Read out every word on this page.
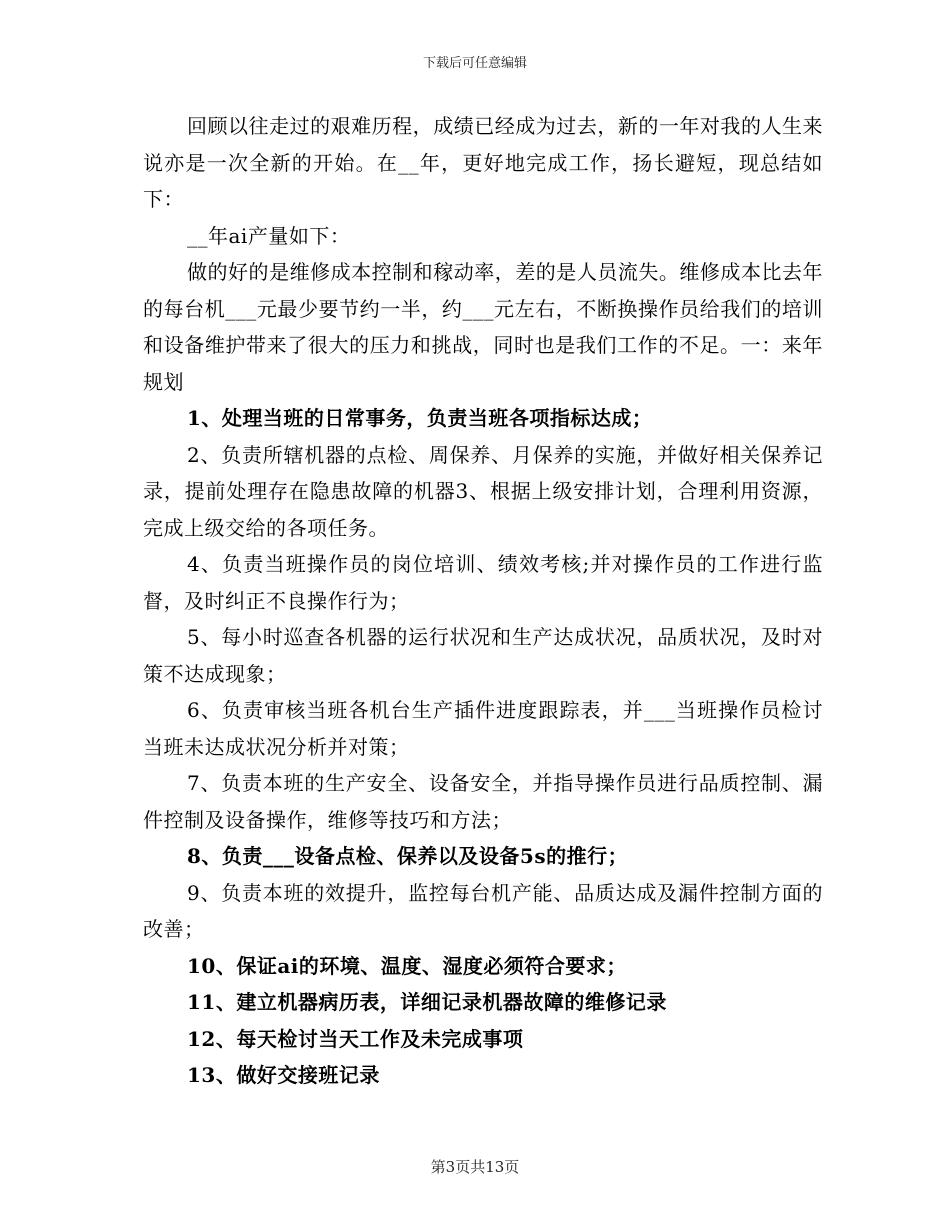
下载后可任意编辑

回顾以往走过的艰难历程，成绩已经成为过去，新的一年对我的人生来说亦是一次全新的开始。在__年，更好地完成工作，扬长避短，现总结如下：

__年ai产量如下：

做的好的是维修成本控制和稼动率，差的是人员流失。维修成本比去年的每台机___元最少要节约一半，约___元左右，不断换操作员给我们的培训和设备维护带来了很大的压力和挑战，同时也是我们工作的不足。一：来年规划

1、处理当班的日常事务，负责当班各项指标达成；

2、负责所辖机器的点检、周保养、月保养的实施，并做好相关保养记录，提前处理存在隐患故障的机器3、根据上级安排计划，合理利用资源，完成上级交给的各项任务。

4、负责当班操作员的岗位培训、绩效考核;并对操作员的工作进行监督，及时纠正不良操作行为；

5、每小时巡查各机器的运行状况和生产达成状况，品质状况，及时对策不达成现象；

6、负责审核当班各机台生产插件进度跟踪表，并___当班操作员检讨当班未达成状况分析并对策；

7、负责本班的生产安全、设备安全，并指导操作员进行品质控制、漏件控制及设备操作，维修等技巧和方法；

8、负责___设备点检、保养以及设备5s的推行；

9、负责本班的效提升，监控每台机产能、品质达成及漏件控制方面的改善；

10、保证ai的环境、温度、湿度必须符合要求；

11、建立机器病历表，详细记录机器故障的维修记录

12、每天检讨当天工作及未完成事项

13、做好交接班记录

第3页共13页
